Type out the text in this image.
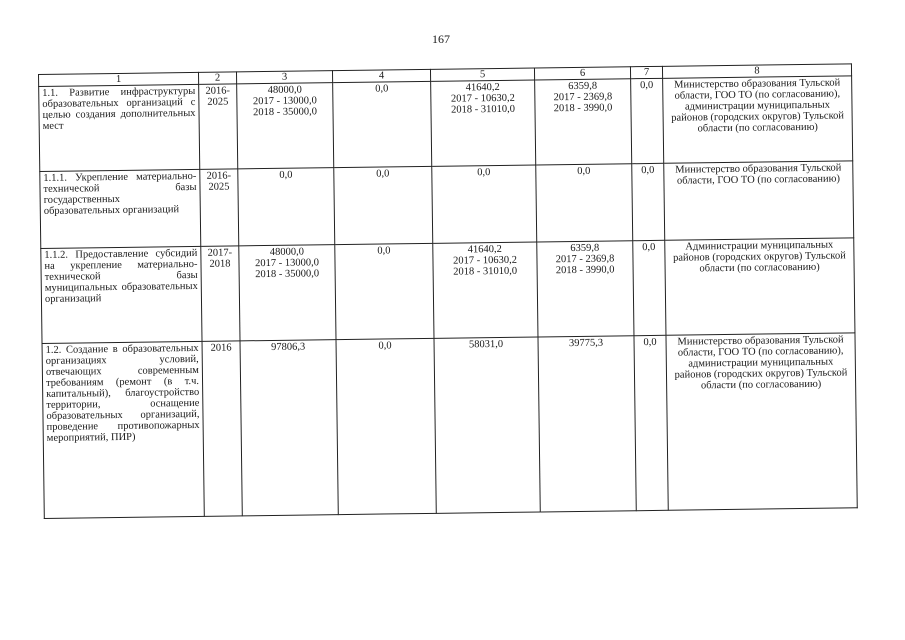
167
1	2	3	4	5	6	7	8
1.1. Развитие инфраструктуры образовательных организаций с целью создания дополнительных мест	2016-2025	48000,0
2017 - 13000,0
2018 - 35000,0	0,0	41640,2
2017 - 10630,2
2018 - 31010,0	6359,8
2017 - 2369,8
2018 - 3990,0	0,0	Министерство образования Тульской области, ГОО ТО (по согласованию), администрации муниципальных районов (городских округов) Тульской области (по согласованию)
1.1.1. Укрепление материально-технической базы государственных образовательных организаций	2016-2025	0,0	0,0	0,0	0,0	0,0	Министерство образования Тульской области, ГОО ТО (по согласованию)
1.1.2. Предоставление субсидий на укрепление материально-технической базы муниципальных образовательных организаций	2017-2018	48000,0
2017 - 13000,0
2018 - 35000,0	0,0	41640,2
2017 - 10630,2
2018 - 31010,0	6359,8
2017 - 2369,8
2018 - 3990,0	0,0	Администрации муниципальных районов (городских округов) Тульской области (по согласованию)
1.2. Создание в образовательных организациях условий, отвечающих современным требованиям (ремонт (в т.ч. капитальный), благоустройство территории, оснащение образовательных организаций, проведение противопожарных мероприятий, ПИР)	2016	97806,3	0,0	58031,0	39775,3	0,0	Министерство образования Тульской области, ГОО ТО (по согласованию), администрации муниципальных районов (городских округов) Тульской области (по согласованию)
